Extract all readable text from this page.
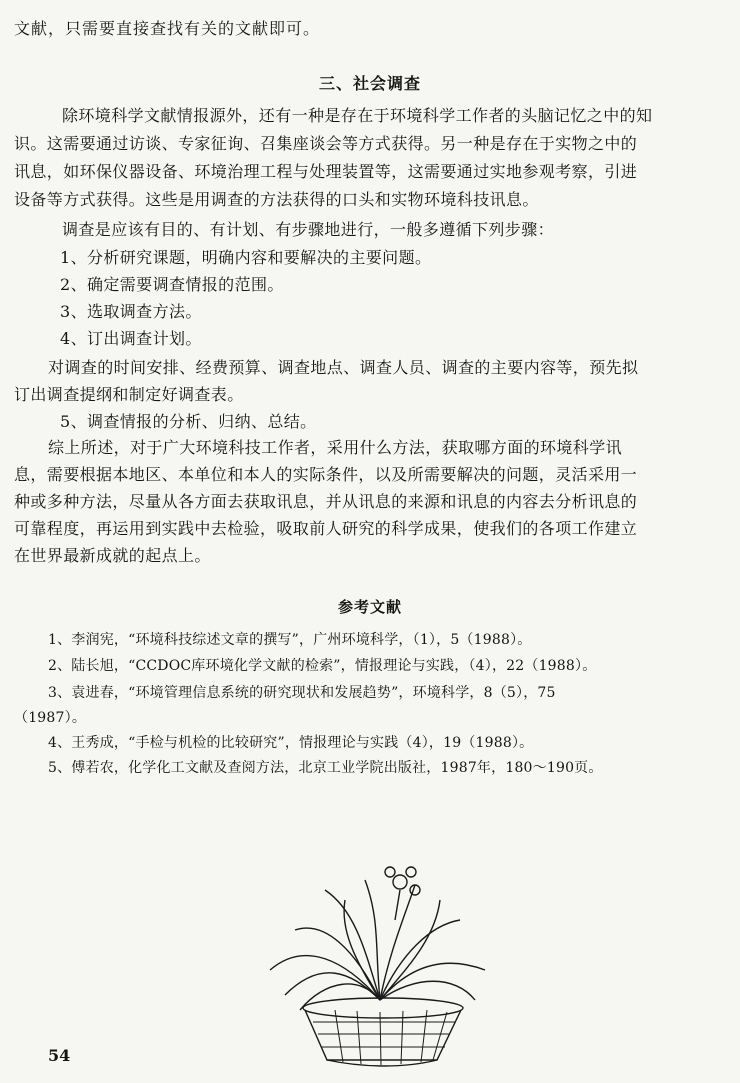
文献，只需要直接查找有关的文献即可。
三、社会调查
除环境科学文献情报源外，还有一种是存在于环境科学工作者的头脑记忆之中的知
识。这需要通过访谈、专家征询、召集座谈会等方式获得。另一种是存在于实物之中的
讯息，如环保仪器设备、环境治理工程与处理装置等，这需要通过实地参观考察，引进
设备等方式获得。这些是用调查的方法获得的口头和实物环境科技讯息。
调查是应该有目的、有计划、有步骤地进行，一般多遵循下列步骤：
1、分析研究课题，明确内容和要解决的主要问题。
2、确定需要调查情报的范围。
3、选取调查方法。
4、订出调查计划。
对调查的时间安排、经费预算、调查地点、调查人员、调查的主要内容等，预先拟
订出调查提纲和制定好调查表。
5、调查情报的分析、归纳、总结。
综上所述，对于广大环境科技工作者，采用什么方法，获取哪方面的环境科学讯
息，需要根据本地区、本单位和本人的实际条件，以及所需要解决的问题，灵活采用一
种或多种方法，尽量从各方面去获取讯息，并从讯息的来源和讯息的内容去分析讯息的
可靠程度，再运用到实践中去检验，吸取前人研究的科学成果，使我们的各项工作建立
在世界最新成就的起点上。
参考文献
1、李润宪，“环境科技综述文章的撰写”，广州环境科学，（1），5（1988）。
2、陆长旭，“CCDOC库环境化学文献的检索”，情报理论与实践，（4），22（1988）。
3、袁进春，“环境管理信息系统的研究现状和发展趋势”，环境科学，8（5），75
（1987）。
4、王秀成，“手检与机检的比较研究”，情报理论与实践（4），19（1988）。
5、傅若农，化学化工文献及查阅方法，北京工业学院出版社，1987年，180～190页。
54
